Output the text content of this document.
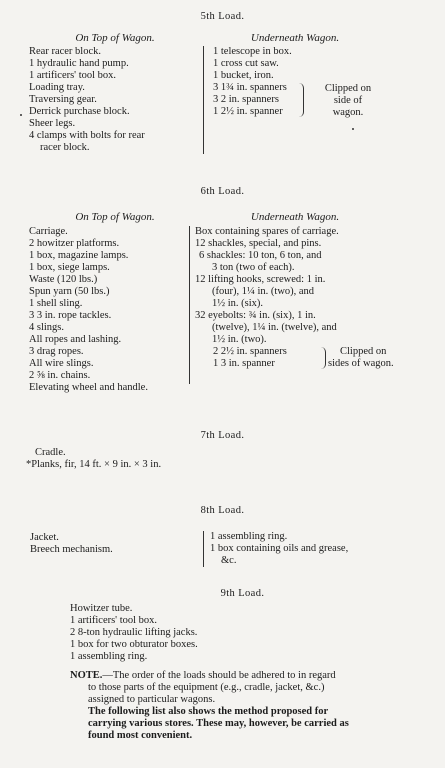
5th Load.
On Top of Wagon.	Underneath Wagon.
Rear racer block.
1 hydraulic hand pump.
1 artificers' tool box.
Loading tray.
Traversing gear.
Derrick purchase block.
Sheer legs.
4 clamps with bolts for rear
racer block.
1 telescope in box.
1 cross cut saw.
1 bucket, iron.
3 1¾ in. spanners
3 2 in. spanners
1 2½ in. spanner
Clipped on
side of
wagon.
6th Load.
On Top of Wagon.	Underneath Wagon.
Carriage.
2 howitzer platforms.
1 box, magazine lamps.
1 box, siege lamps.
Waste (120 lbs.)
Spun yarn (50 lbs.)
1 shell sling.
3 3 in. rope tackles.
4 slings.
All ropes and lashing.
3 drag ropes.
All wire slings.
2 ⅝ in. chains.
Elevating wheel and handle.
Box containing spares of carriage.
12 shackles, special, and pins.
6 shackles: 10 ton, 6 ton, and
3 ton (two of each).
12 lifting hooks, screwed: 1 in.
(four), 1¼ in. (two), and
1½ in. (six).
32 eyebolts: ¾ in. (six), 1 in.
(twelve), 1¼ in. (twelve), and
1½ in. (two).
2 2½ in. spanners
1 3 in. spanner
Clipped on
sides of wagon.
7th Load.
Cradle.
*Planks, fir, 14 ft. × 9 in. × 3 in.
8th Load.
Jacket.
Breech mechanism.
1 assembling ring.
1 box containing oils and grease,
&c.
9th Load.
Howitzer tube.
1 artificers' tool box.
2 8-ton hydraulic lifting jacks.
1 box for two obturator boxes.
1 assembling ring.
NOTE.—The order of the loads should be adhered to in regard
to those parts of the equipment (e.g., cradle, jacket, &c.)
assigned to particular wagons.
The following list also shows the method proposed for
carrying various stores. These may, however, be carried as
found most convenient.
